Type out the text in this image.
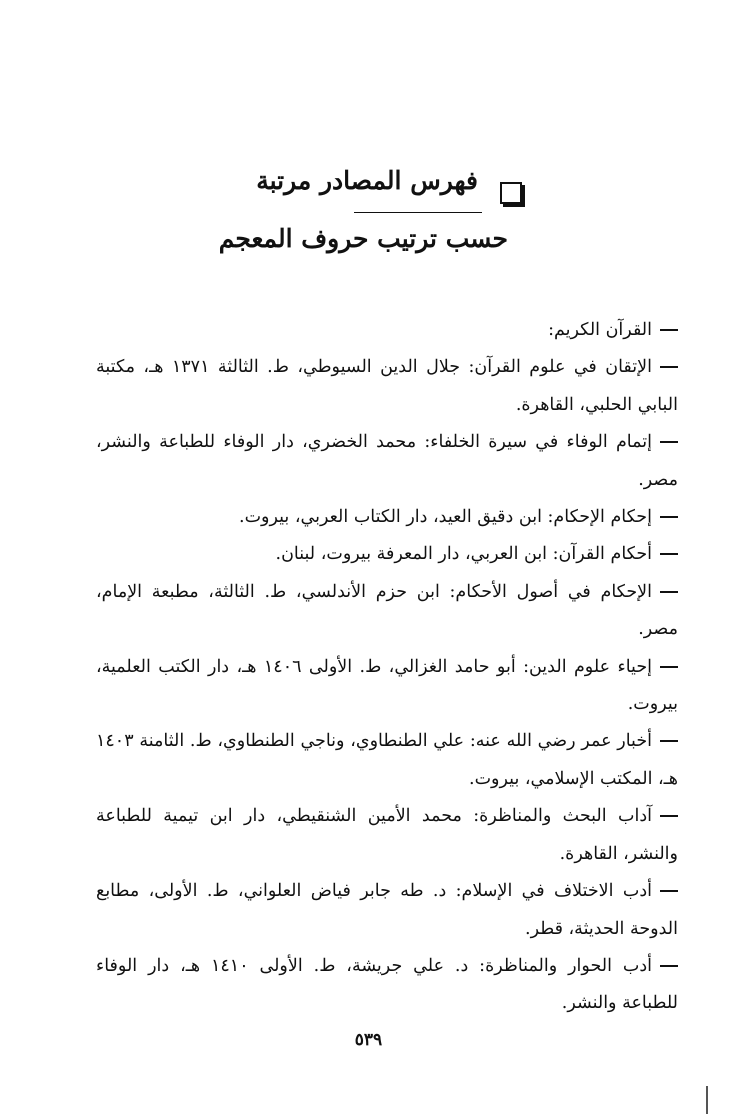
فهرس المصادر مرتبة
حسب ترتيب حروف المعجم

القرآن الكريم:

الإتقان في علوم القرآن: جلال الدين السيوطي، ط. الثالثة ١٣٧١ هـ، مكتبة البابي الحلبي، القاهرة.

إتمام الوفاء في سيرة الخلفاء: محمد الخضري، دار الوفاء للطباعة والنشر، مصر.

إحكام الإحكام: ابن دقيق العيد، دار الكتاب العربي، بيروت.

أحكام القرآن: ابن العربي، دار المعرفة بيروت، لبنان.

الإحكام في أصول الأحكام: ابن حزم الأندلسي، ط. الثالثة، مطبعة الإمام، مصر.

إحياء علوم الدين: أبو حامد الغزالي، ط. الأولى ١٤٠٦ هـ، دار الكتب العلمية، بيروت.

أخبار عمر رضي الله عنه: علي الطنطاوي، وناجي الطنطاوي، ط. الثامنة ١٤٠٣ هـ، المكتب الإسلامي، بيروت.

آداب البحث والمناظرة: محمد الأمين الشنقيطي، دار ابن تيمية للطباعة والنشر، القاهرة.

أدب الاختلاف في الإسلام: د. طه جابر فياض العلواني، ط. الأولى، مطابع الدوحة الحديثة، قطر.

أدب الحوار والمناظرة: د. علي جريشة، ط. الأولى ١٤١٠ هـ، دار الوفاء للطباعة والنشر.

٥٣٩
